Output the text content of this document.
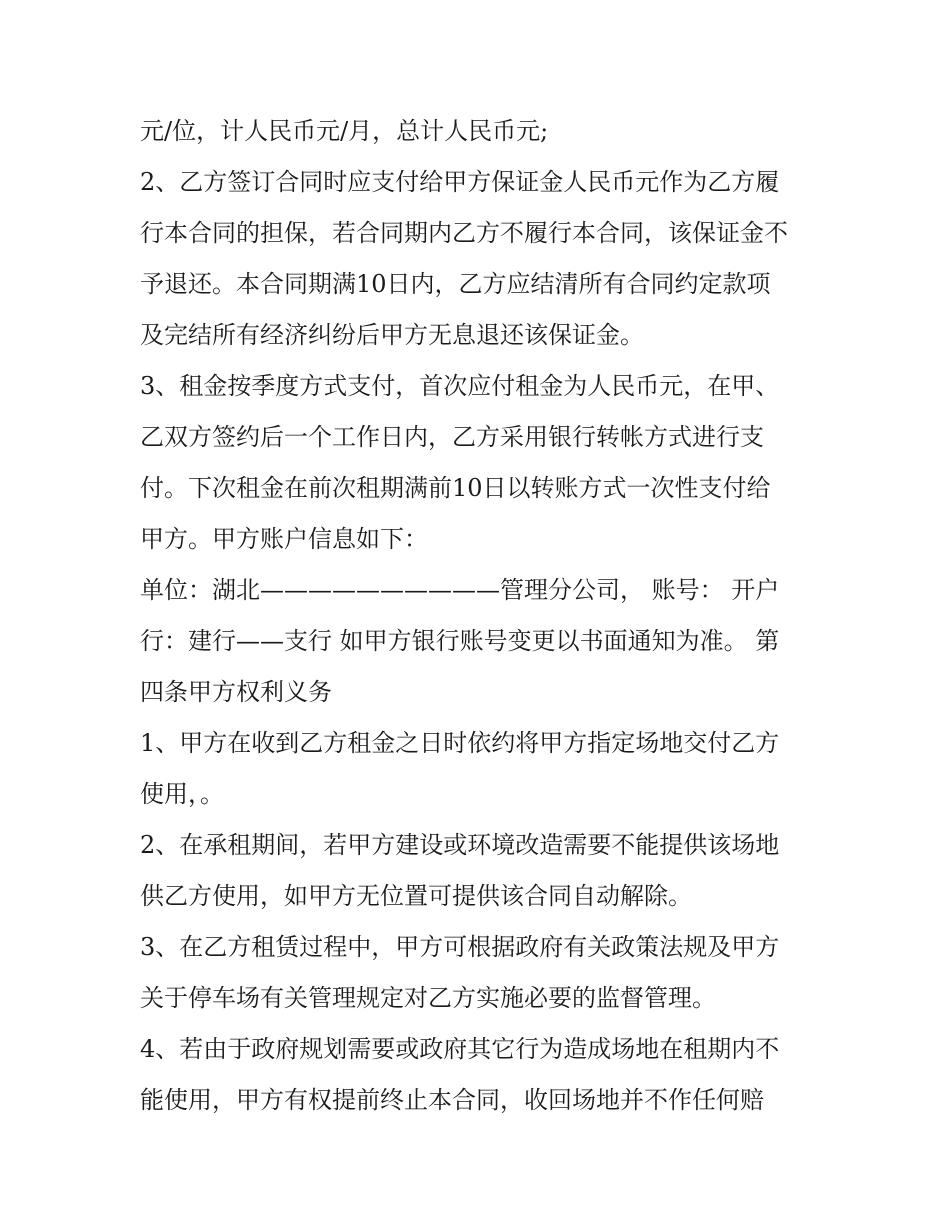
元/位，计人民币元/月，总计人民币元;
2、乙方签订合同时应支付给甲方保证金人民币元作为乙方履
行本合同的担保，若合同期内乙方不履行本合同，该保证金不
予退还。本合同期满10日内，乙方应结清所有合同约定款项
及完结所有经济纠纷后甲方无息退还该保证金。
3、租金按季度方式支付，首次应付租金为人民币元，在甲、
乙双方签约后一个工作日内，乙方采用银行转帐方式进行支
付。下次租金在前次租期满前10日以转账方式一次性支付给
甲方。甲方账户信息如下：
单位：湖北——————————管理分公司， 账号： 开户
行：建行——支行 如甲方银行账号变更以书面通知为准。 第
四条甲方权利义务
1、甲方在收到乙方租金之日时依约将甲方指定场地交付乙方
使用，。
2、在承租期间，若甲方建设或环境改造需要不能提供该场地
供乙方使用，如甲方无位置可提供该合同自动解除。
3、在乙方租赁过程中，甲方可根据政府有关政策法规及甲方
关于停车场有关管理规定对乙方实施必要的监督管理。
4、若由于政府规划需要或政府其它行为造成场地在租期内不
能使用，甲方有权提前终止本合同，收回场地并不作任何赔
